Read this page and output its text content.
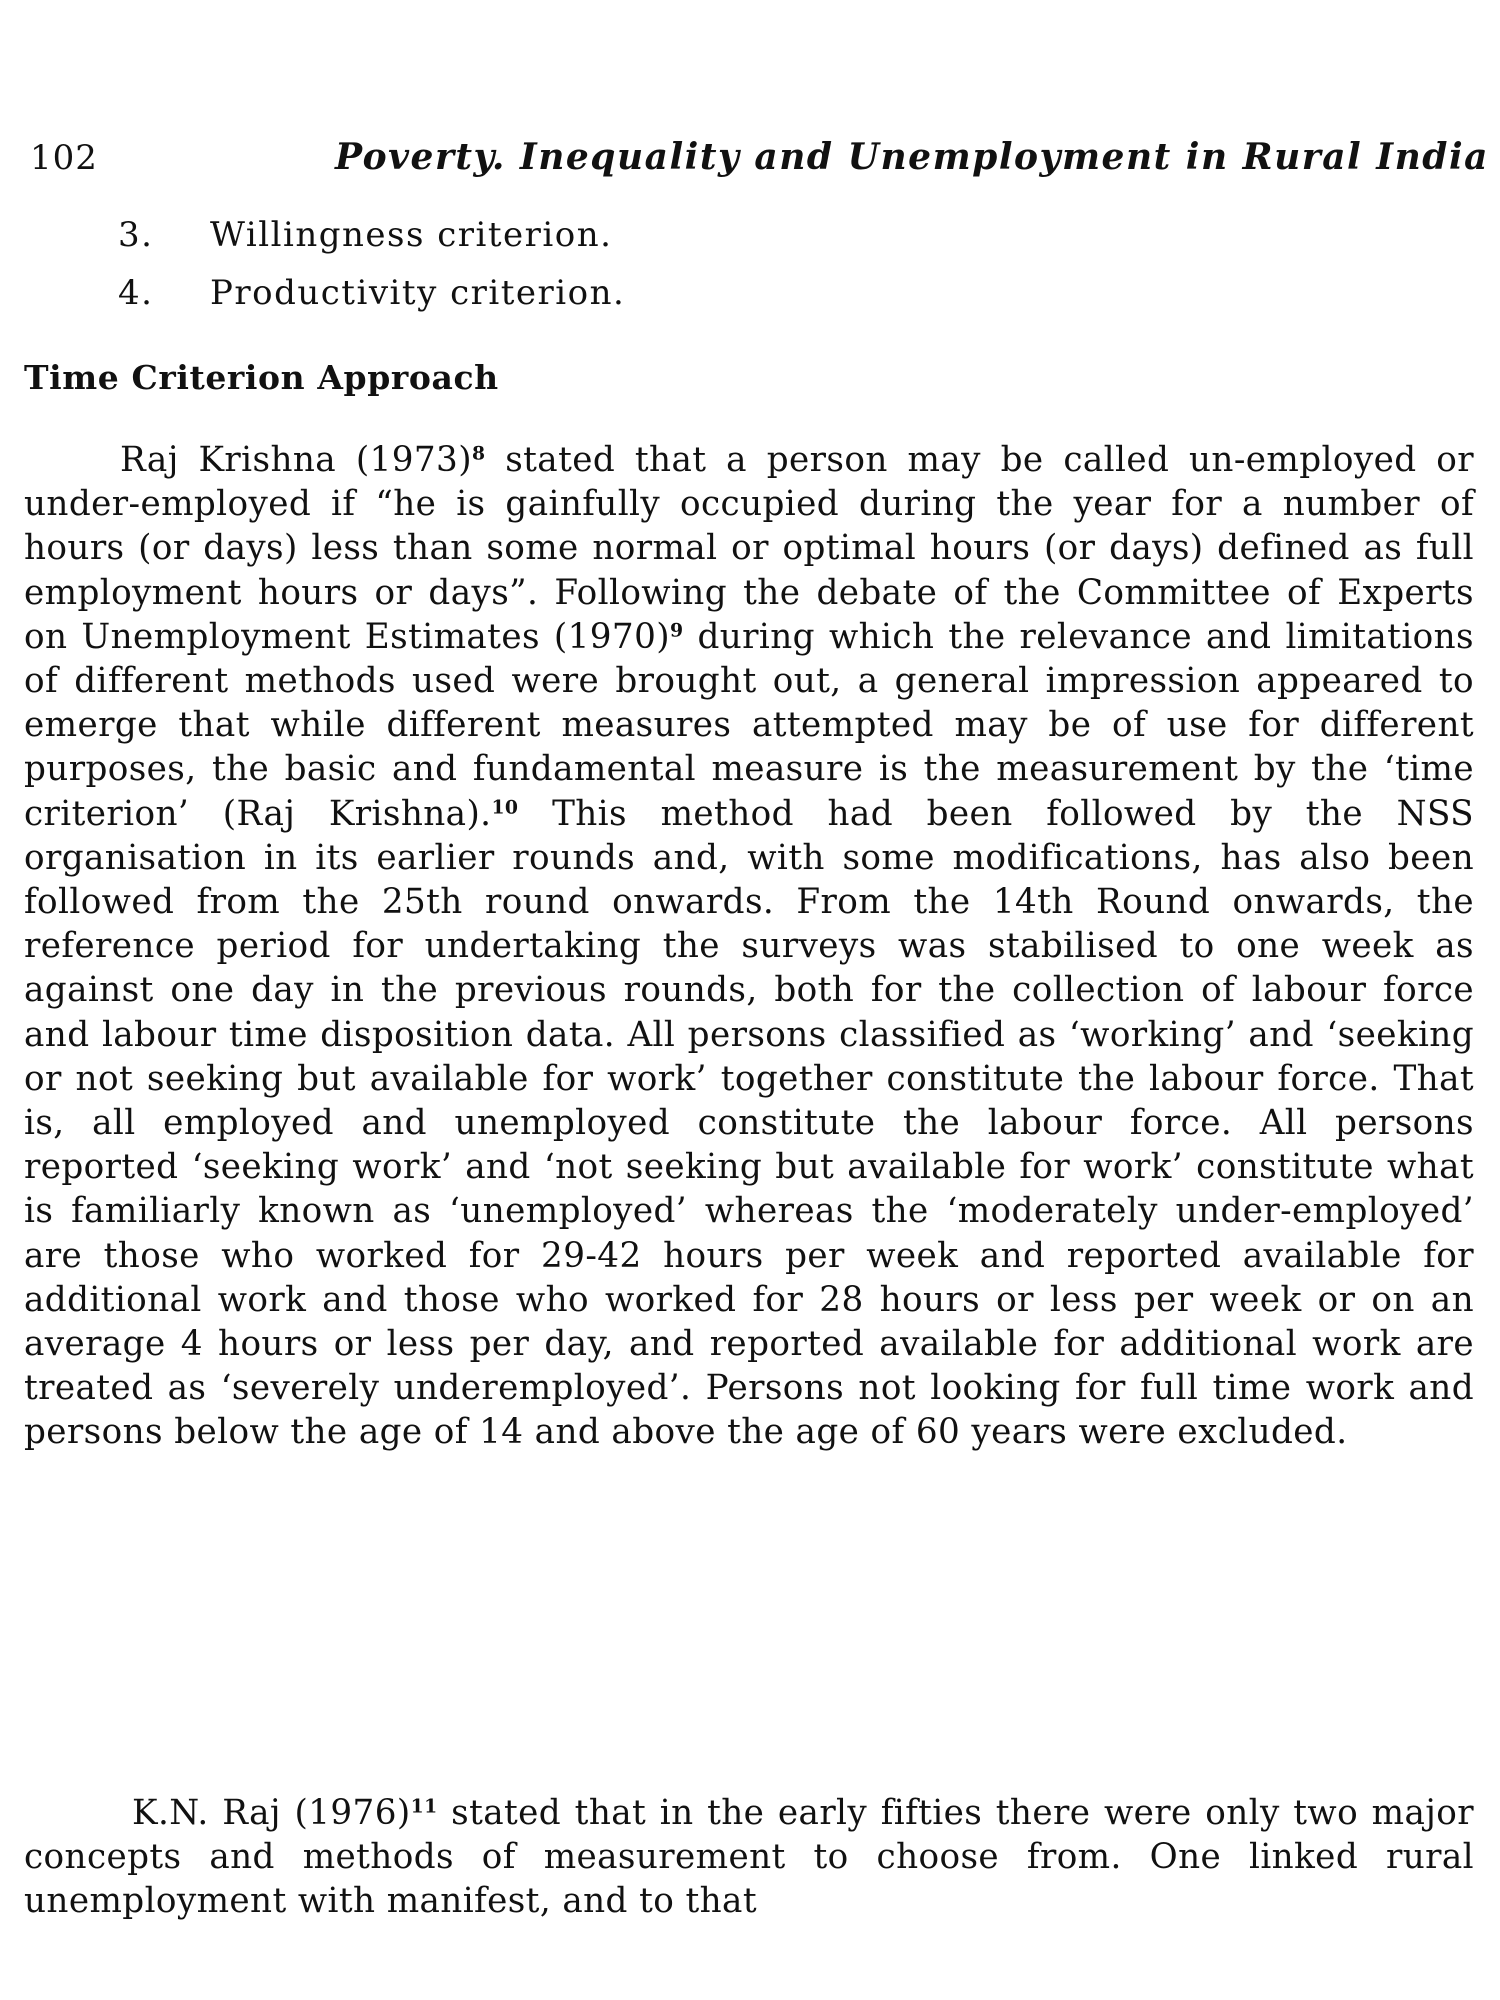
102	Poverty. Inequality and Unemployment in Rural India
3. Willingness criterion.
4. Productivity criterion.
Time Criterion Approach

Raj Krishna $(1973)^8$ stated that a person may be called un-employed or under-employed if “he is gainfully occupied during the year for a number of hours (or days) less than some normal or optimal hours (or days) defined as full employment hours or days”. Following the debate of the Committee of Experts on Unemployment Estimates $(1970)^9$ during which the relevance and limitations of different methods used were brought out, a general impression appeared to emerge that while different measures attempted may be of use for different purposes, the basic and fundamental measure is the measurement by the ‘time criterion’ (Raj Krishna).$^{10}$ This method had been followed by the NSS organisation in its earlier rounds and, with some modifications, has also been followed from the 25th round onwards. From the 14th Round onwards, the reference period for undertaking the surveys was stabilised to one week as against one day in the previous rounds, both for the collection of labour force and labour time disposition data. All persons classified as ‘working’ and ‘seeking or not seeking but available for work’ together constitute the labour force. That is, all employed and unemployed constitute the labour force. All persons reported ‘seeking work’ and ‘not seeking but available for work’ constitute what is familiarly known as ‘unemployed’ whereas the ‘moderately under-employed’ are those who worked for 29-42 hours per week and reported available for additional work and those who worked for 28 hours or less per week or on an average 4 hours or less per day, and reported available for additional work are treated as ‘severely underemployed’. Persons not looking for full time work and persons below the age of 14 and above the age of 60 years were excluded.

K.N. Raj $(1976)^{11}$ stated that in the early fifties there were only two major concepts and methods of measurement to choose from. One linked rural unemployment with manifest, and to that
